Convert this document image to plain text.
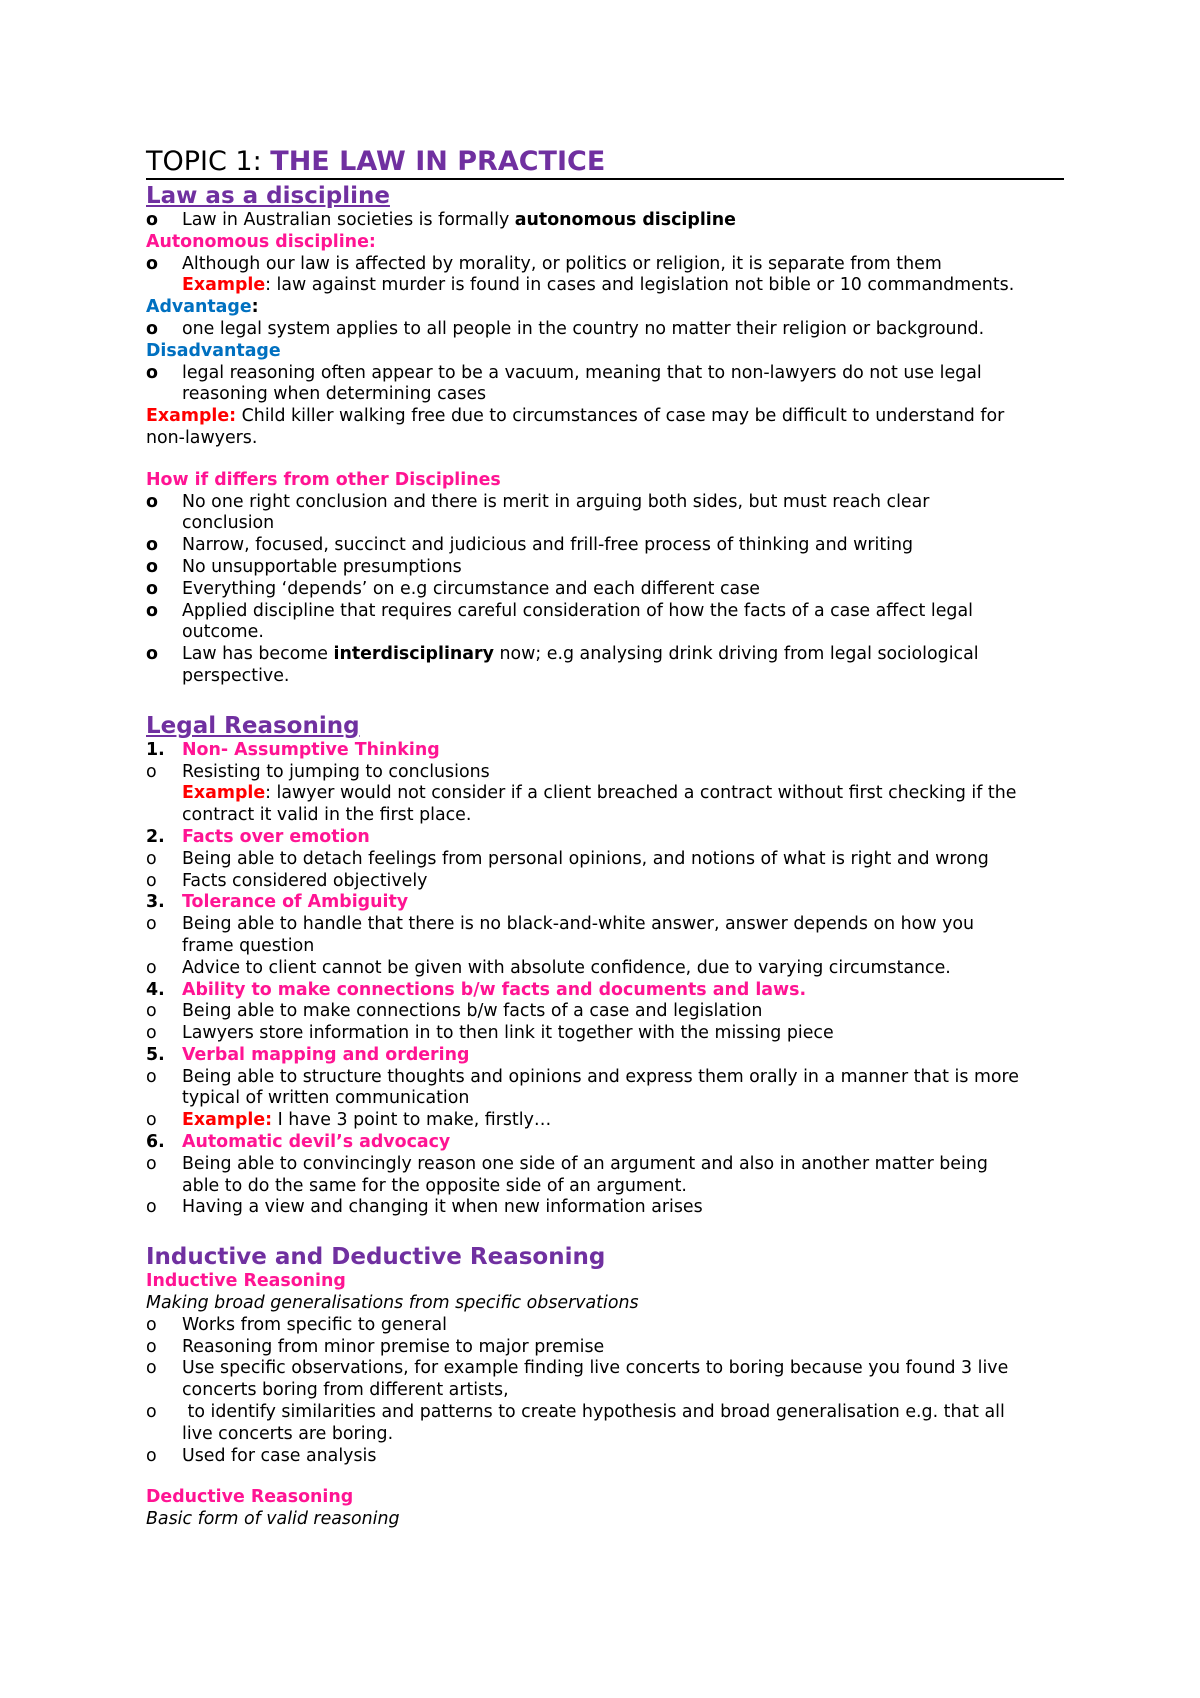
TOPIC 1: THE LAW IN PRACTICE
Law as a discipline
o Law in Australian societies is formally autonomous discipline
Autonomous discipline:
o Although our law is affected by morality, or politics or religion, it is separate from them
Example: law against murder is found in cases and legislation not bible or 10 commandments.
Advantage:
o one legal system applies to all people in the country no matter their religion or background.
Disadvantage
o legal reasoning often appear to be a vacuum, meaning that to non-lawyers do not use legal
reasoning when determining cases
Example: Child killer walking free due to circumstances of case may be difficult to understand for
non-lawyers.
How if differs from other Disciplines
o No one right conclusion and there is merit in arguing both sides, but must reach clear
conclusion
o Narrow, focused, succinct and judicious and frill-free process of thinking and writing
o No unsupportable presumptions
o Everything ‘depends’ on e.g circumstance and each different case
o Applied discipline that requires careful consideration of how the facts of a case affect legal
outcome.
o Law has become interdisciplinary now; e.g analysing drink driving from legal sociological
perspective.
Legal Reasoning
1. Non- Assumptive Thinking
o Resisting to jumping to conclusions
Example: lawyer would not consider if a client breached a contract without first checking if the
contract it valid in the first place.
2. Facts over emotion
o Being able to detach feelings from personal opinions, and notions of what is right and wrong
o Facts considered objectively
3. Tolerance of Ambiguity
o Being able to handle that there is no black-and-white answer, answer depends on how you
frame question
o Advice to client cannot be given with absolute confidence, due to varying circumstance.
4. Ability to make connections b/w facts and documents and laws.
o Being able to make connections b/w facts of a case and legislation
o Lawyers store information in to then link it together with the missing piece
5. Verbal mapping and ordering
o Being able to structure thoughts and opinions and express them orally in a manner that is more
typical of written communication
o Example: I have 3 point to make, firstly…
6. Automatic devil’s advocacy
o Being able to convincingly reason one side of an argument and also in another matter being
able to do the same for the opposite side of an argument.
o Having a view and changing it when new information arises
Inductive and Deductive Reasoning
Inductive Reasoning
Making broad generalisations from specific observations
o Works from specific to general
o Reasoning from minor premise to major premise
o Use specific observations, for example finding live concerts to boring because you found 3 live
concerts boring from different artists,
o to identify similarities and patterns to create hypothesis and broad generalisation e.g. that all
live concerts are boring.
o Used for case analysis
Deductive Reasoning
Basic form of valid reasoning
